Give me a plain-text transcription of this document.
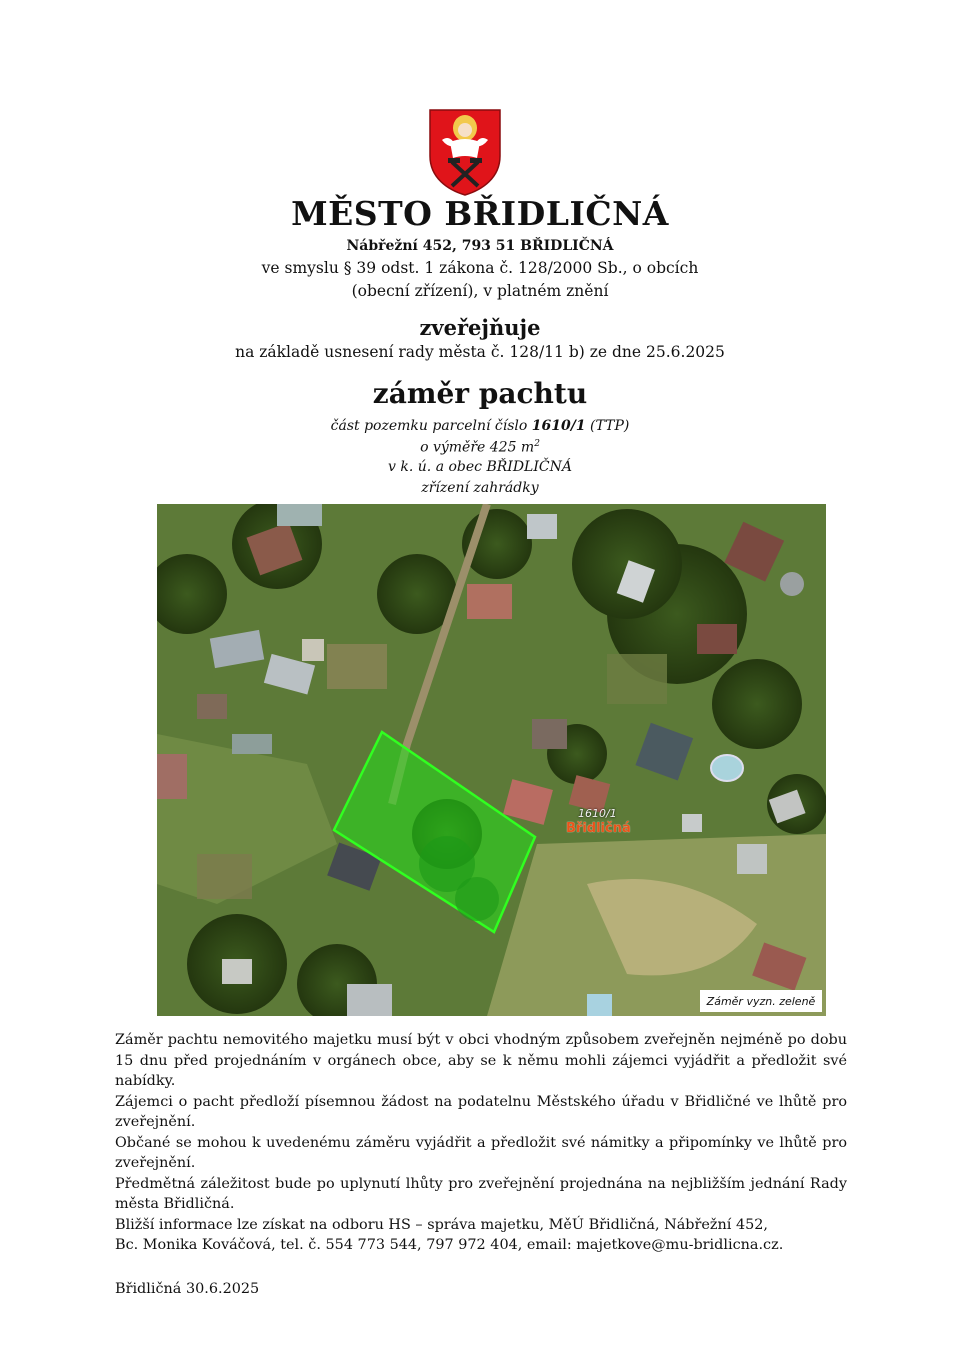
MĚSTO BŘIDLIČNÁ
Nábřežní 452, 793 51 BŘIDLIČNÁ
ve smyslu § 39 odst. 1 zákona č. 128/2000 Sb., o obcích
(obecní zřízení), v platném znění
zveřejňuje
na základě usnesení rady města č. 128/11 b) ze dne 25.6.2025
záměr pachtu
část pozemku parcelní číslo 1610/1 (TTP)
o výměře 425 $m^2$
v k. ú. a obec BŘIDLIČNÁ
zřízení zahrádky
1610/1
Břidličná
Záměr vyzn. zeleně

Záměr pachtu nemovitého majetku musí být v obci vhodným způsobem zveřejněn nejméně po dobu 15 dnu před projednáním v orgánech obce, aby se k němu mohli zájemci vyjádřit a předložit své nabídky.

Zájemci o pacht předloží písemnou žádost na podatelnu Městského úřadu v Břidličné ve lhůtě pro zveřejnění.

Občané se mohou k uvedenému záměru vyjádřit a předložit své námitky a připomínky ve lhůtě pro zveřejnění.

Předmětná záležitost bude po uplynutí lhůty pro zveřejnění projednána na nejbližším jednání Rady města Břidličná.

Bližší informace lze získat na odboru HS – správa majetku, MěÚ Břidličná, Nábřežní 452,

Bc. Monika Kováčová, tel. č. 554 773 544, 797 972 404, email: majetkove@mu-bridlicna.cz.

Břidličná 30.6.2025
